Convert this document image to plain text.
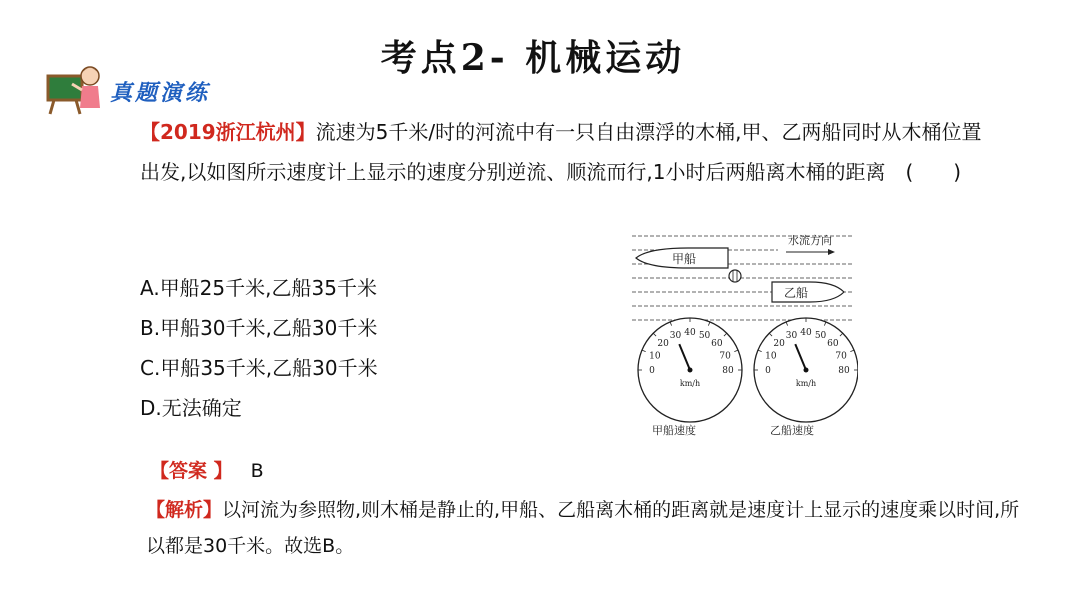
考点2- 机械运动
真题演练
【2019浙江杭州】流速为5千米/时的河流中有一只自由漂浮的木桶,甲、乙两船同时从木桶位置出发,以如图所示速度计上显示的速度分别逆流、顺流而行,1小时后两船离木桶的距离　(　　)
A.甲船25千米,乙船35千米
B.甲船30千米,乙船30千米
C.甲船35千米,乙船30千米
D.无法确定
水流方向
甲船
乙船
0
10
20
30 40 50
60
70
80
km/h
0
10
20
30 40 50
60
70
80
km/h
甲船速度	乙船速度
【答案 】 B
【解析】以河流为参照物,则木桶是静止的,甲船、乙船离木桶的距离就是速度计上显示的速度乘以时间,所以都是30千米。故选B。
